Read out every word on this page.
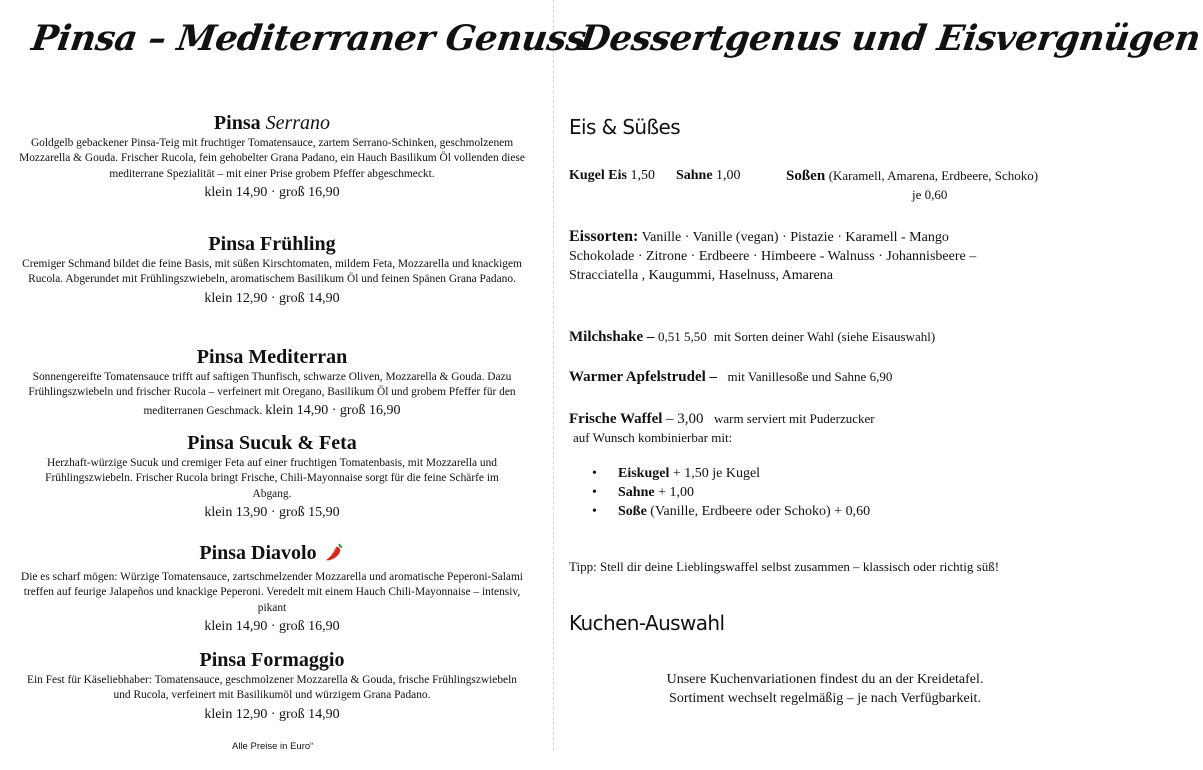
Pinsa – Mediterraner Genuss
Pinsa Serrano

Goldgelb gebackener Pinsa-Teig mit fruchtiger Tomatensauce, zartem Serrano-Schinken, geschmolzenem Mozzarella & Gouda. Frischer Rucola, fein gehobelter Grana Padano, ein Hauch Basilikum Öl vollenden diese mediterrane Spezialität – mit einer Prise grobem Pfeffer abgeschmeckt.

klein 14,90 · groß 16,90
Pinsa Frühling

Cremiger Schmand bildet die feine Basis, mit süßen Kirschtomaten, mildem Feta, Mozzarella und knackigem Rucola. Abgerundet mit Frühlingszwiebeln, aromatischem Basilikum Öl und feinen Spänen Grana Padano.

klein 12,90 · groß 14,90
Pinsa Mediterran

Sonnengereifte Tomatensauce trifft auf saftigen Thunfisch, schwarze Oliven, Mozzarella & Gouda. Dazu Frühlingszwiebeln und frischer Rucola – verfeinert mit Oregano, Basilikum Öl und grobem Pfeffer für den mediterranen Geschmack. klein 14,90 · groß 16,90

Pinsa Sucuk & Feta

Herzhaft-würzige Sucuk und cremiger Feta auf einer fruchtigen Tomatenbasis, mit Mozzarella und Frühlingszwiebeln. Frischer Rucola bringt Frische, Chili-Mayonnaise sorgt für die feine Schärfe im Abgang.

klein 13,90 · groß 15,90
Pinsa Diavolo

Die es scharf mögen: Würzige Tomatensauce, zartschmelzender Mozzarella und aromatische Peperoni-Salami treffen auf feurige Jalapeños und knackige Peperoni. Veredelt mit einem Hauch Chili-Mayonnaise – intensiv, pikant

klein 14,90 · groß 16,90
Pinsa Formaggio

Ein Fest für Käseliebhaber: Tomatensauce, geschmolzener Mozzarella & Gouda, frische Frühlingszwiebeln und Rucola, verfeinert mit Basilikumöl und würzigem Grana Padano.

klein 12,90 · groß 14,90
Alle Preise in Euro“
Dessertgenus und Eisvergnügen
Eis & Süßes
Kugel Eis 1,50 Sahne 1,00	Soßen (Karamell, Amarena, Erdbeere, Schoko)
je 0,60
Eissorten: Vanille · Vanille (vegan) · Pistazie · Karamell - Mango
Schokolade · Zitrone · Erdbeere · Himbeere - Walnuss · Johannisbeere –
Stracciatella , Kaugummi, Haselnuss, Amarena
Milchshake – 0,51 5,50 mit Sorten deiner Wahl (siehe Eisauswahl)
Warmer Apfelstrudel – mit Vanillesoße und Sahne 6,90
Frische Waffel – 3,00 warm serviert mit Puderzucker
auf Wunsch kombinierbar mit:
• Eiskugel + 1,50 je Kugel
• Sahne + 1,00
• Soße (Vanille, Erdbeere oder Schoko) + 0,60
Tipp: Stell dir deine Lieblingswaffel selbst zusammen – klassisch oder richtig süß!
Kuchen-Auswahl
Unsere Kuchenvariationen findest du an der Kreidetafel.
Sortiment wechselt regelmäßig – je nach Verfügbarkeit.
